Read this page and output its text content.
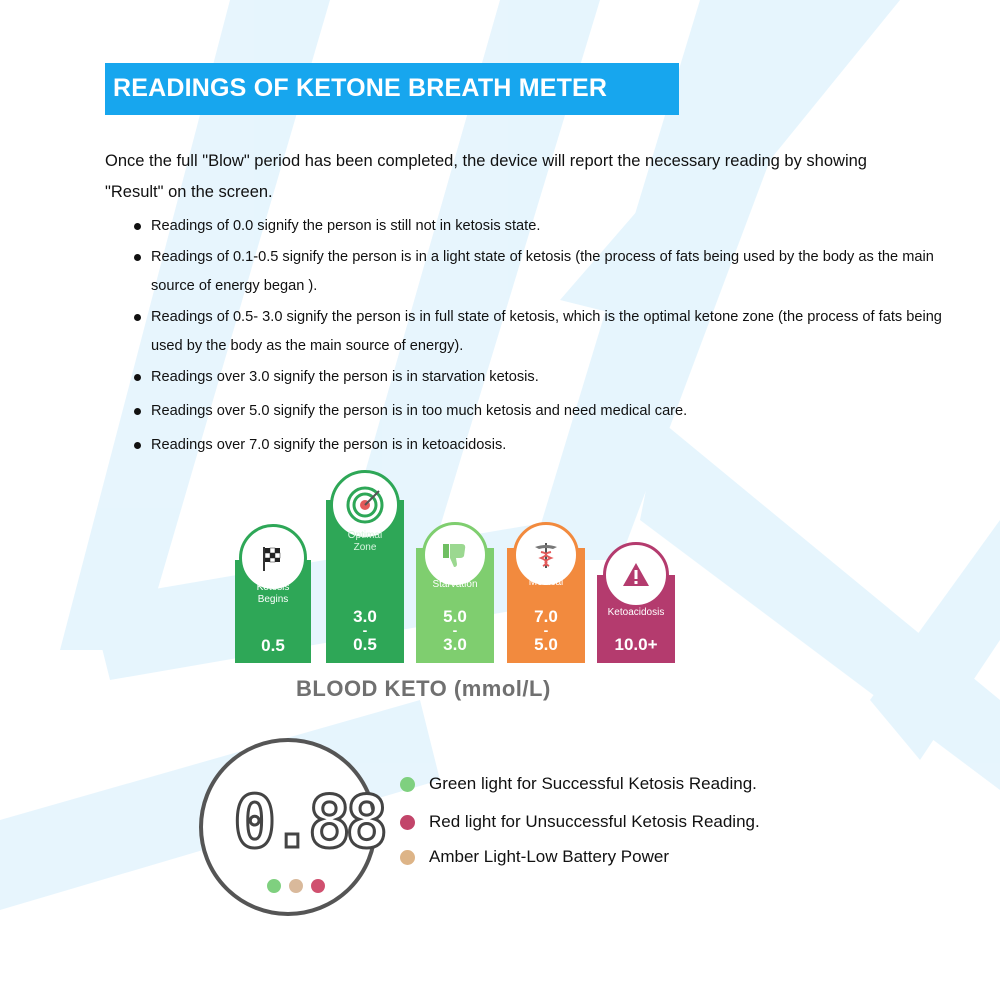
READINGS OF KETONE BREATH METER
Once the full "Blow" period has been completed, the device will report the necessary reading by showing "Result" on the screen.
Readings of 0.0 signify the person is still not in ketosis state.
Readings of 0.1-0.5 signify the person is in a light state of ketosis (the process of fats being used by the body as the main source of energy began ).
Readings of 0.5- 3.0 signify the person is in full state of ketosis, which is the optimal ketone zone (the process of fats being used by the body as the main source of energy).
Readings over 3.0 signify the person is in starvation ketosis.
Readings over 5.0 signify the person is in too much ketosis and need medical care.
Readings over 7.0 signify the person is in ketoacidosis.
Ketosis
Begins
0.5
Optimal
Zone
3.0
-
0.5
Starvation
5.0
-
3.0
Medical
7.0
-
5.0
Ketoacidosis
10.0+
BLOOD KETO (mmol/L)
0.88	Green light for Successful Ketosis Reading.
Red light for Unsuccessful Ketosis Reading.
Amber Light-Low Battery Power
